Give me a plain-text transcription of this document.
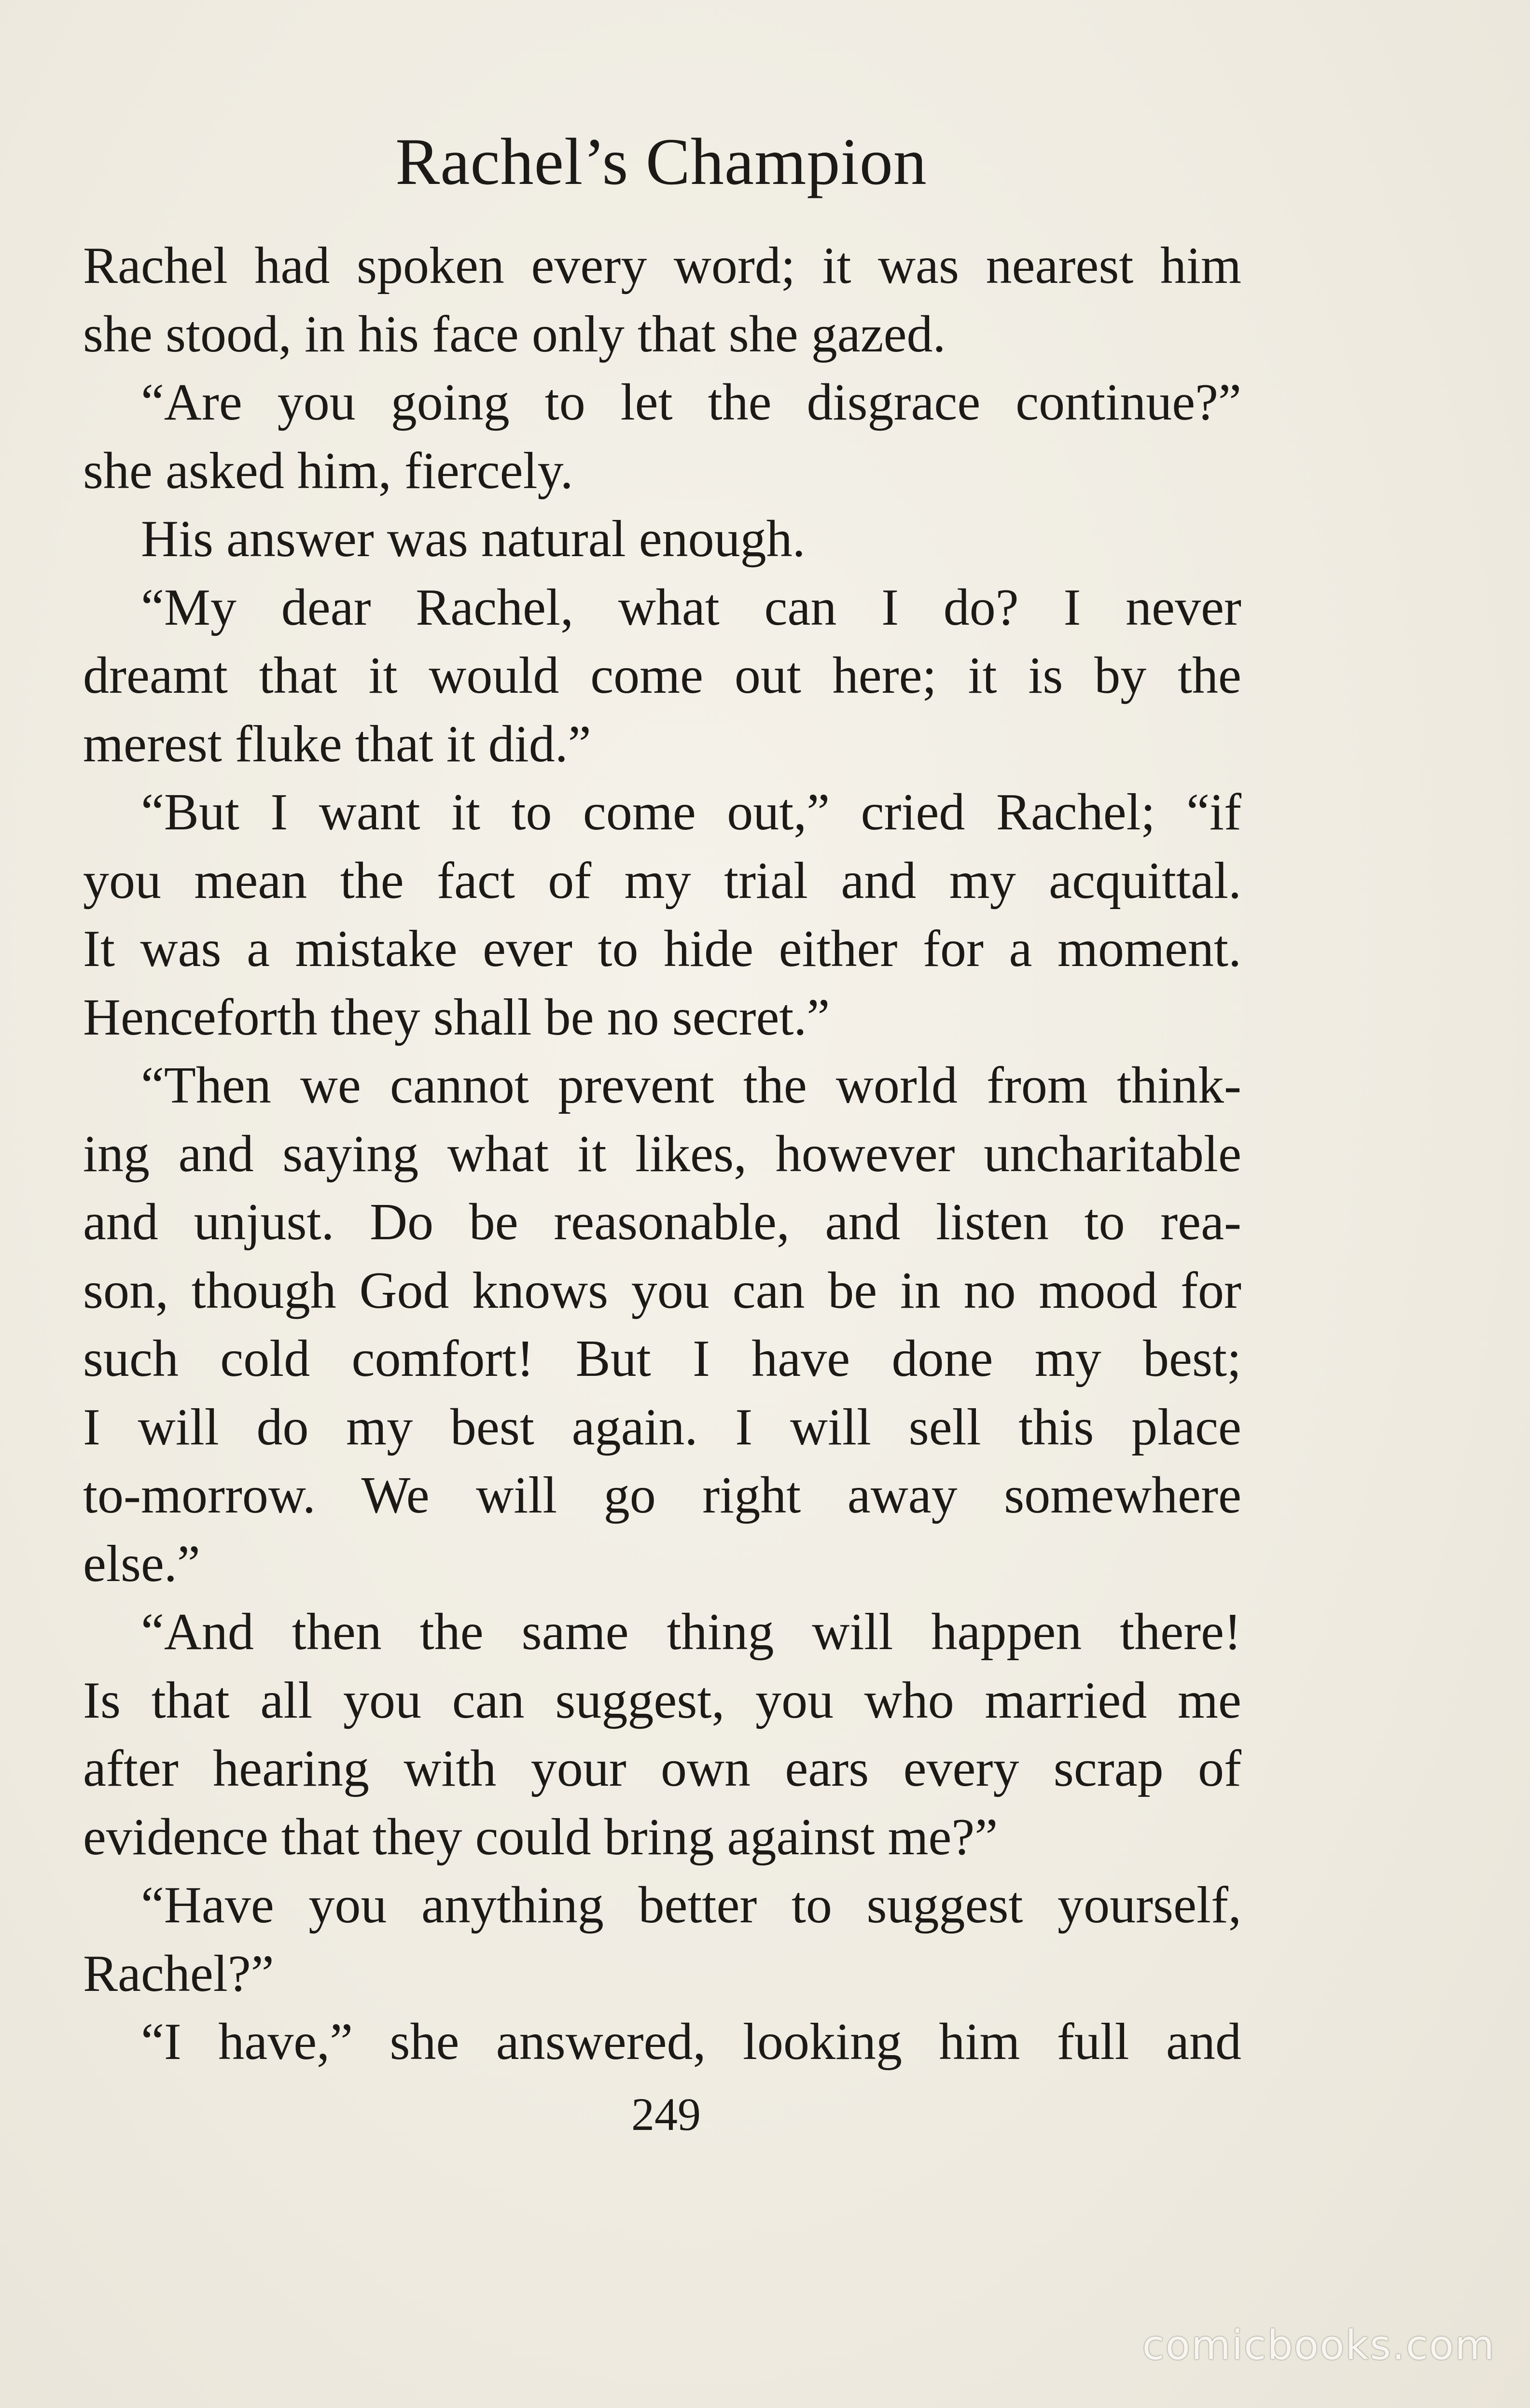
Rachel’s Champion
Rachel had spoken every word; it was nearest him
she stood, in his face only that she gazed.
“Are you going to let the disgrace continue?”
she asked him, fiercely.
His answer was natural enough.
“My dear Rachel, what can I do? I never
dreamt that it would come out here; it is by the
merest fluke that it did.”
“But I want it to come out,” cried Rachel; “if
you mean the fact of my trial and my acquittal.
It was a mistake ever to hide either for a moment.
Henceforth they shall be no secret.”
“Then we cannot prevent the world from think-
ing and saying what it likes, however uncharitable
and unjust. Do be reasonable, and listen to rea-
son, though God knows you can be in no mood for
such cold comfort! But I have done my best;
I will do my best again. I will sell this place
to-morrow. We will go right away somewhere
else.”
“And then the same thing will happen there!
Is that all you can suggest, you who married me
after hearing with your own ears every scrap of
evidence that they could bring against me?”
“Have you anything better to suggest yourself,
Rachel?”
“I have,” she answered, looking him full and
249
comicbooks.com
